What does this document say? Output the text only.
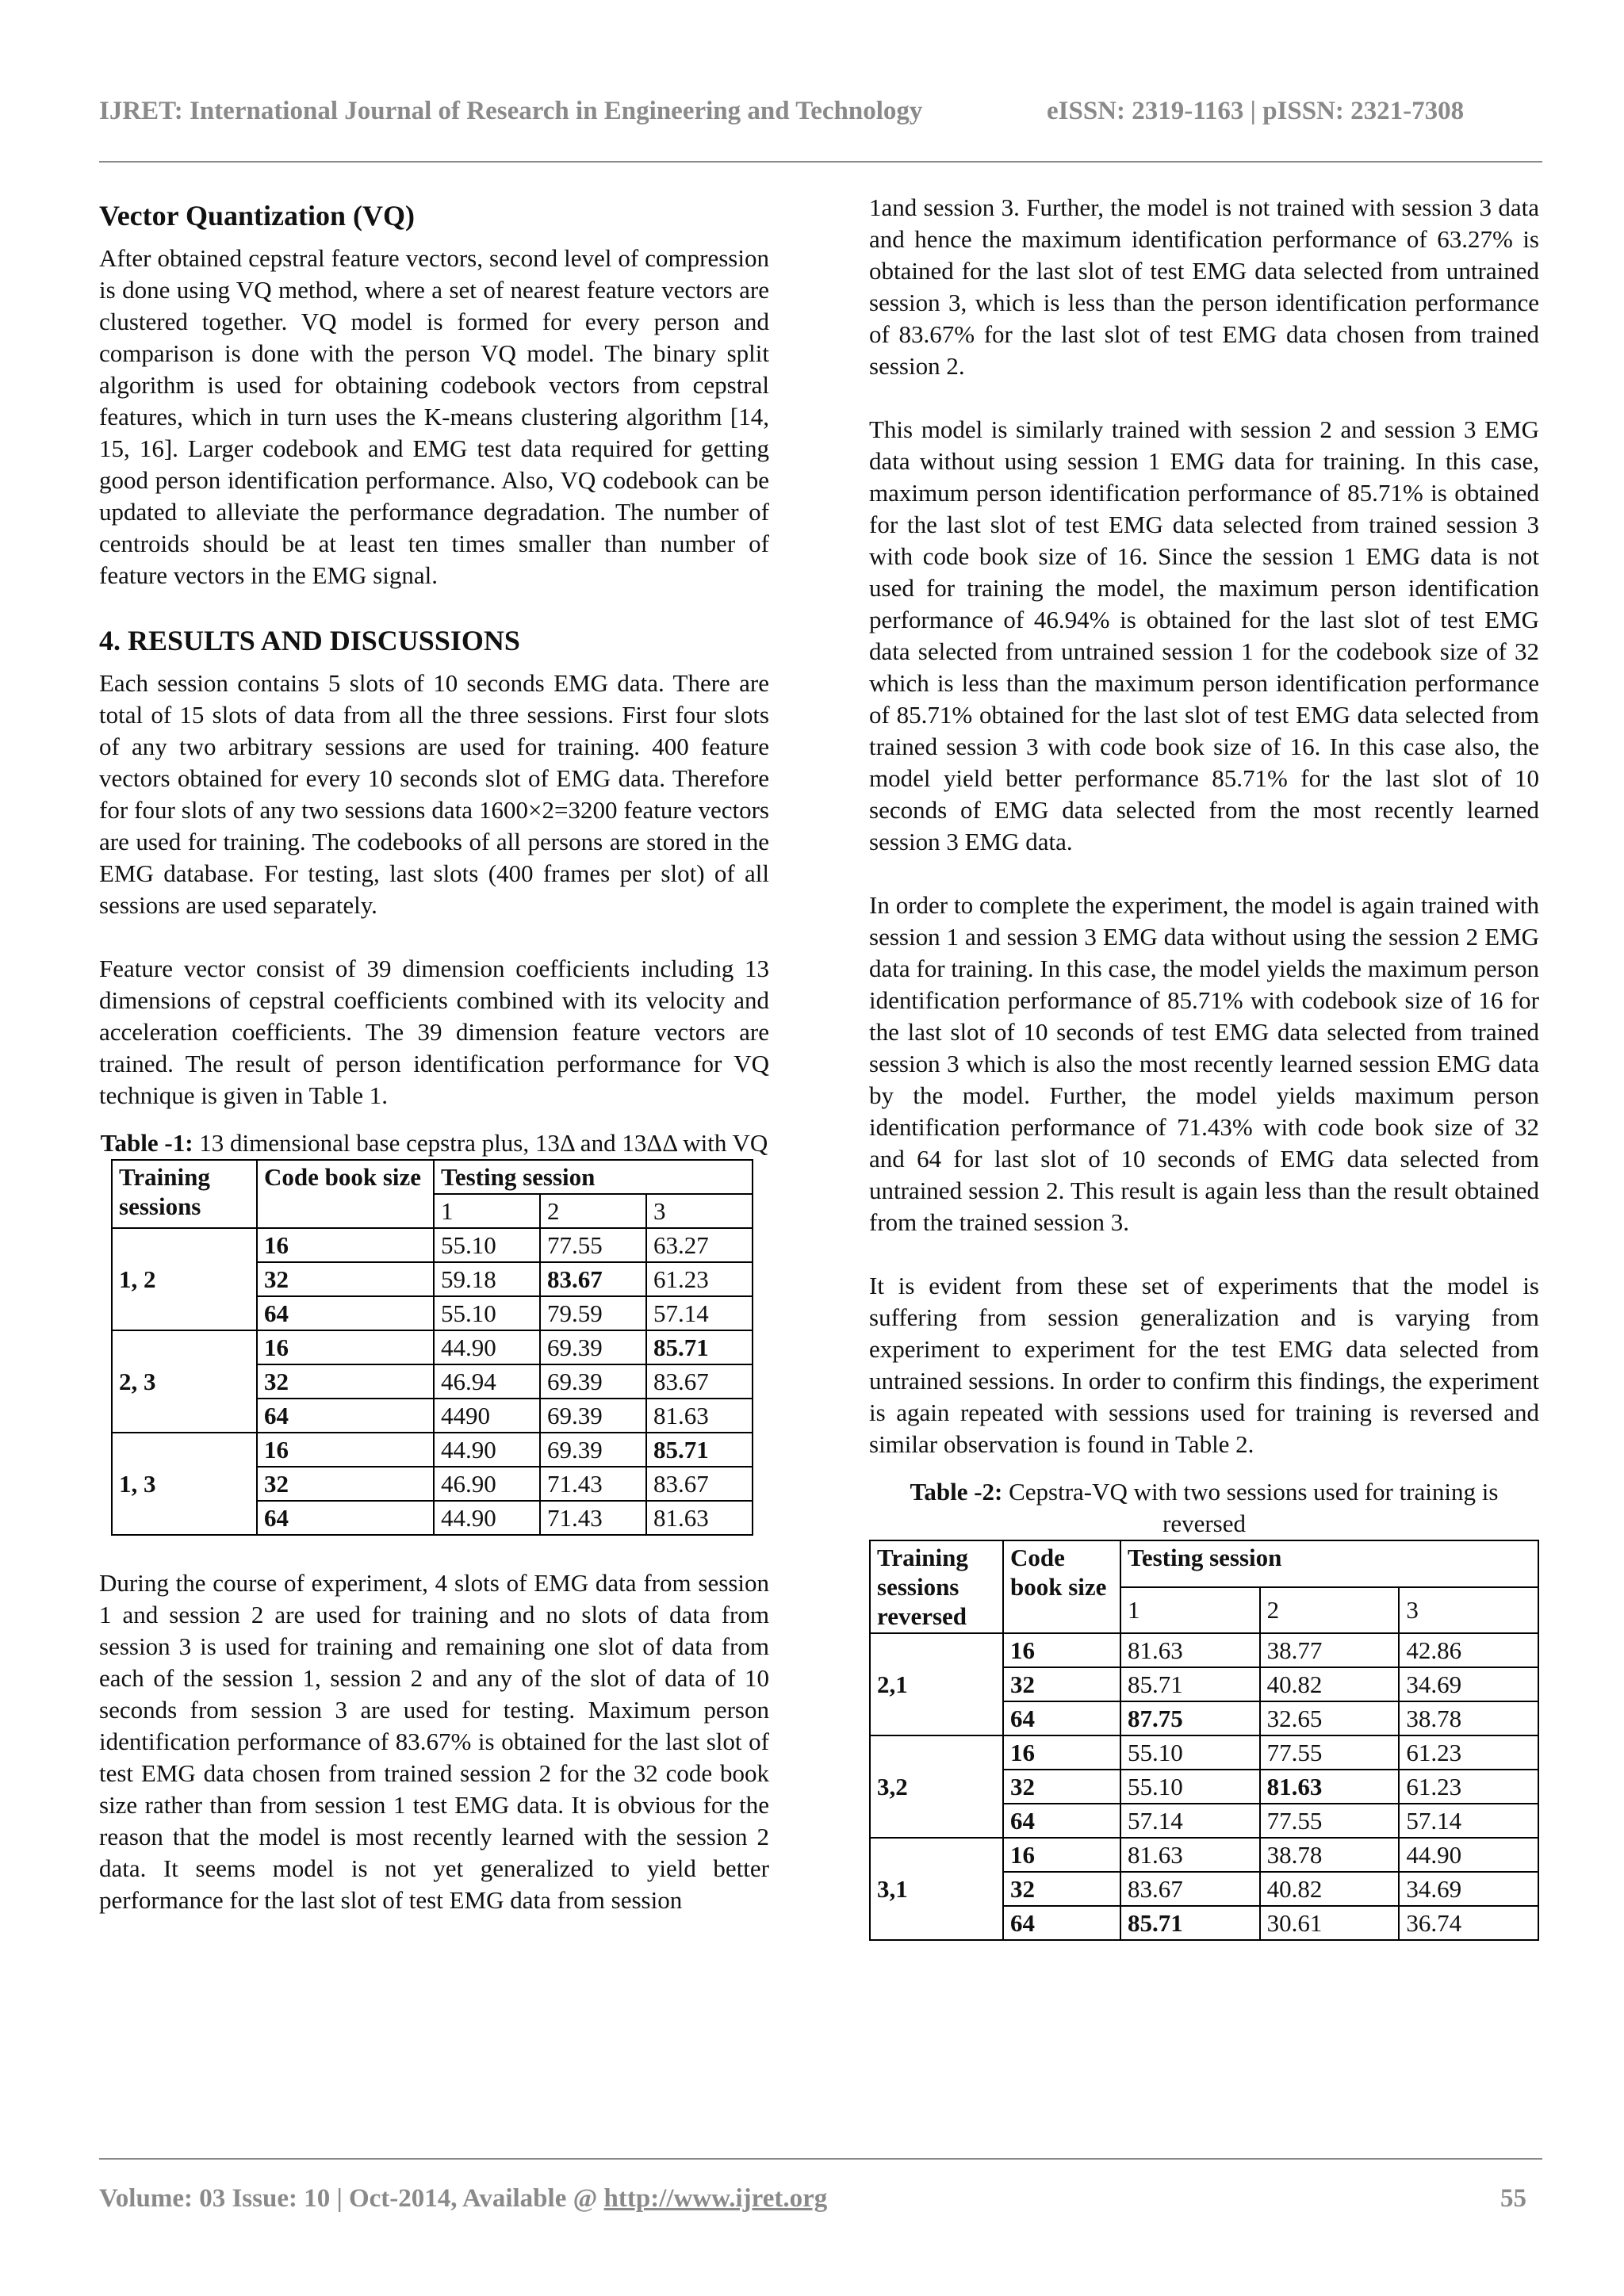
IJRET: International Journal of Research in Engineering and Technology	eISSN: 2319-1163 | pISSN: 2321-7308
Vector Quantization (VQ)

After obtained cepstral feature vectors, second level of compression is done using VQ method, where a set of nearest feature vectors are clustered together. VQ model is formed for every person and comparison is done with the person VQ model. The binary split algorithm is used for obtaining codebook vectors from cepstral features, which in turn uses the K-means clustering algorithm [14, 15, 16]. Larger codebook and EMG test data required for getting good person identification performance. Also, VQ codebook can be updated to alleviate the performance degradation. The number of centroids should be at least ten times smaller than number of feature vectors in the EMG signal.

4. RESULTS AND DISCUSSIONS

Each session contains 5 slots of 10 seconds EMG data. There are total of 15 slots of data from all the three sessions. First four slots of any two arbitrary sessions are used for training. 400 feature vectors obtained for every 10 seconds slot of EMG data. Therefore for four slots of any two sessions data 1600×2=3200 feature vectors are used for training. The codebooks of all persons are stored in the EMG database. For testing, last slots (400 frames per slot) of all sessions are used separately.

Feature vector consist of 39 dimension coefficients including 13 dimensions of cepstral coefficients combined with its velocity and acceleration coefficients. The 39 dimension feature vectors are trained. The result of person identification performance for VQ technique is given in Table 1.

Table -1: 13 dimensional base cepstra plus, 13Δ and 13ΔΔ with VQ
Training sessions	Code book size	Testing session		
		1	2	3
1, 2	16	55.10	77.55	63.27
	32	59.18	83.67	61.23
	64	55.10	79.59	57.14
2, 3	16	44.90	69.39	85.71
	32	46.94	69.39	83.67
	64	4490	69.39	81.63
1, 3	16	44.90	69.39	85.71
	32	46.90	71.43	83.67
	64	44.90	71.43	81.63

During the course of experiment, 4 slots of EMG data from session 1 and session 2 are used for training and no slots of data from session 3 is used for training and remaining one slot of data from each of the session 1, session 2 and any of the slot of data of 10 seconds from session 3 are used for testing. Maximum person identification performance of 83.67% is obtained for the last slot of test EMG data chosen from trained session 2 for the 32 code book size rather than from session 1 test EMG data. It is obvious for the reason that the model is most recently learned with the session 2 data. It seems model is not yet generalized to yield better performance for the last slot of test EMG data from session

1and session 3. Further, the model is not trained with session 3 data and hence the maximum identification performance of 63.27% is obtained for the last slot of test EMG data selected from untrained session 3, which is less than the person identification performance of 83.67% for the last slot of test EMG data chosen from trained session 2.

This model is similarly trained with session 2 and session 3 EMG data without using session 1 EMG data for training. In this case, maximum person identification performance of 85.71% is obtained for the last slot of test EMG data selected from trained session 3 with code book size of 16. Since the session 1 EMG data is not used for training the model, the maximum person identification performance of 46.94% is obtained for the last slot of test EMG data selected from untrained session 1 for the codebook size of 32 which is less than the maximum person identification performance of 85.71% obtained for the last slot of test EMG data selected from trained session 3 with code book size of 16. In this case also, the model yield better performance 85.71% for the last slot of 10 seconds of EMG data selected from the most recently learned session 3 EMG data.

In order to complete the experiment, the model is again trained with session 1 and session 3 EMG data without using the session 2 EMG data for training. In this case, the model yields the maximum person identification performance of 85.71% with codebook size of 16 for the last slot of 10 seconds of test EMG data selected from trained session 3 which is also the most recently learned session EMG data by the model. Further, the model yields maximum person identification performance of 71.43% with code book size of 32 and 64 for last slot of 10 seconds of EMG data selected from untrained session 2. This result is again less than the result obtained from the trained session 3.

It is evident from these set of experiments that the model is suffering from session generalization and is varying from experiment to experiment for the test EMG data selected from untrained sessions. In order to confirm this findings, the experiment is again repeated with sessions used for training is reversed and similar observation is found in Table 2.

Table -2: Cepstra-VQ with two sessions used for training is reversed
Training sessions reversed	Code book size	Testing session		
		1	2	3
2,1	16	81.63	38.77	42.86
	32	85.71	40.82	34.69
	64	87.75	32.65	38.78
3,2	16	55.10	77.55	61.23
	32	55.10	81.63	61.23
	64	57.14	77.55	57.14
3,1	16	81.63	38.78	44.90
	32	83.67	40.82	34.69
	64	85.71	30.61	36.74
Volume: 03 Issue: 10 | Oct-2014, Available @ http://www.ijret.org	55
